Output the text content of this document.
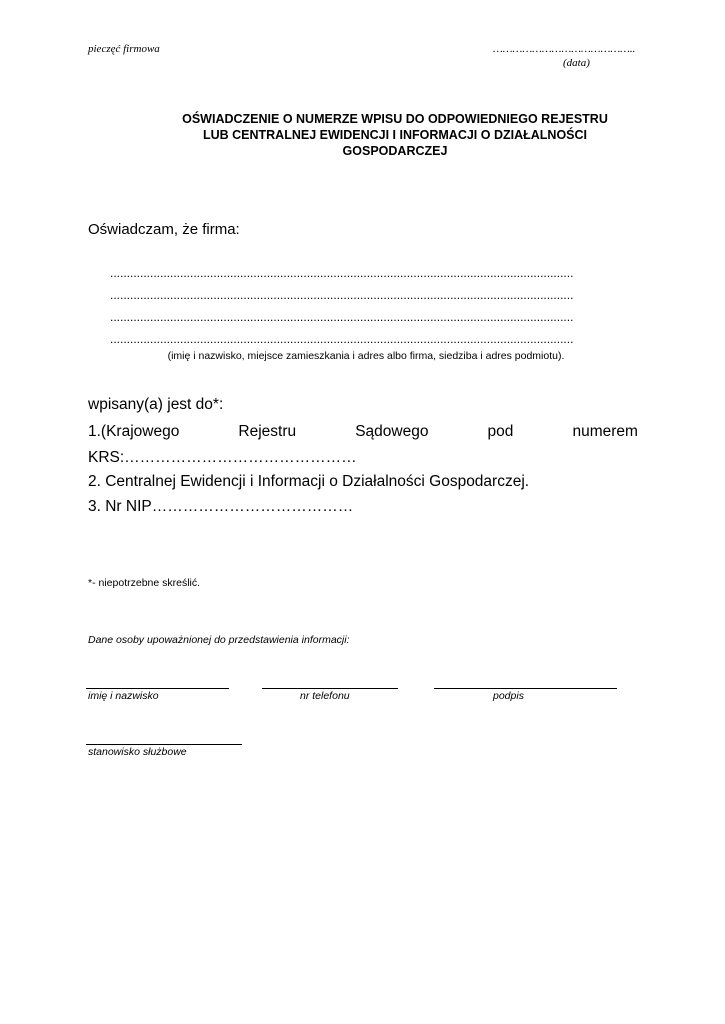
pieczęć firmowa	……………………………………..
(data)
OŚWIADCZENIE O NUMERZE WPISU DO ODPOWIEDNIEGO REJESTRU
LUB CENTRALNEJ EWIDENCJI I INFORMACJI O DZIAŁALNOŚCI
GOSPODARCZEJ
Oświadczam, że firma:
...........................................................................................................................................
...........................................................................................................................................
...........................................................................................................................................
...........................................................................................................................................
(imię i nazwisko, miejsce zamieszkania i adres albo firma, siedziba i adres podmiotu).
wpisany(a) jest do*:
1.(Krajowego	Rejestru	Sądowego	pod	numerem
KRS:………………………………………
2. Centralnej Ewidencji i Informacji o Działalności Gospodarczej.
3. Nr NIP…………………………………
*- niepotrzebne skreślić.
Dane osoby upoważnionej do przedstawienia informacji:
imię i nazwisko	nr telefonu	podpis
stanowisko służbowe
